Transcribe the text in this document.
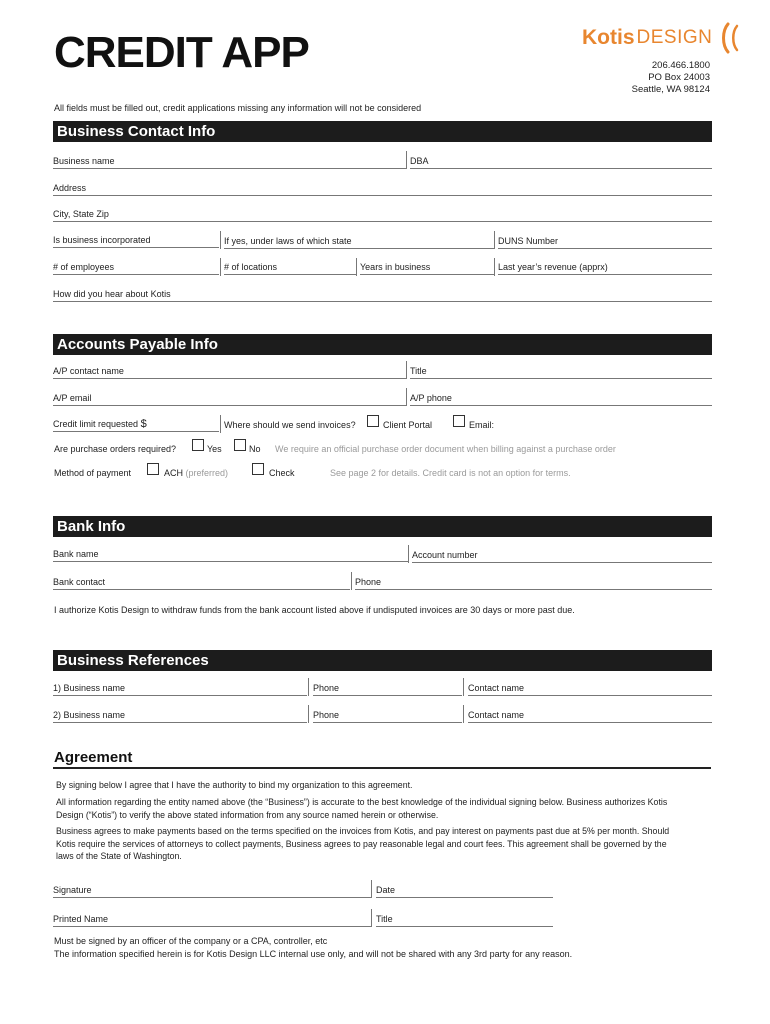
CREDIT APP	Kotis DESIGN
206.466.1800
PO Box 24003
Seattle, WA 98124
All fields must be filled out, credit applications missing any information will not be considered
Business Contact Info
Business name	DBA
Address
City, State Zip
Is business incorporated	If yes, under laws of which state	DUNS Number
# of employees	# of locations	Years in business	Last year’s revenue (apprx)
How did you hear about Kotis
Accounts Payable Info
A/P contact name	Title
A/P email	A/P phone
Credit limit requested $	Where should we send invoices?	Client Portal	Email:
Are purchase orders required?	Yes	No We require an official purchase order document when billing against a purchase order
Method of payment	ACH (preferred)	Check	See page 2 for details. Credit card is not an option for terms.
Bank Info
Bank name	Account number
Bank contact	Phone
I authorize Kotis Design to withdraw funds from the bank account listed above if undisputed invoices are 30 days or more past due.
Business References
1) Business name	Phone	Contact name
2) Business name	Phone	Contact name
Agreement
By signing below I agree that I have the authority to bind my organization to this agreement.
All information regarding the entity named above (the “Business”) is accurate to the best knowledge of the individual signing below. Business authorizes Kotis
Design (“Kotis”) to verify the above stated information from any source named herein or otherwise.
Business agrees to make payments based on the terms specified on the invoices from Kotis, and pay interest on payments past due at 5% per month. Should
Kotis require the services of attorneys to collect payments, Business agrees to pay reasonable legal and court fees. This agreement shall be governed by the
laws of the State of Washington.
Signature	Date
Printed Name	Title
Must be signed by an officer of the company or a CPA, controller, etc
The information specified herein is for Kotis Design LLC internal use only, and will not be shared with any 3rd party for any reason.
